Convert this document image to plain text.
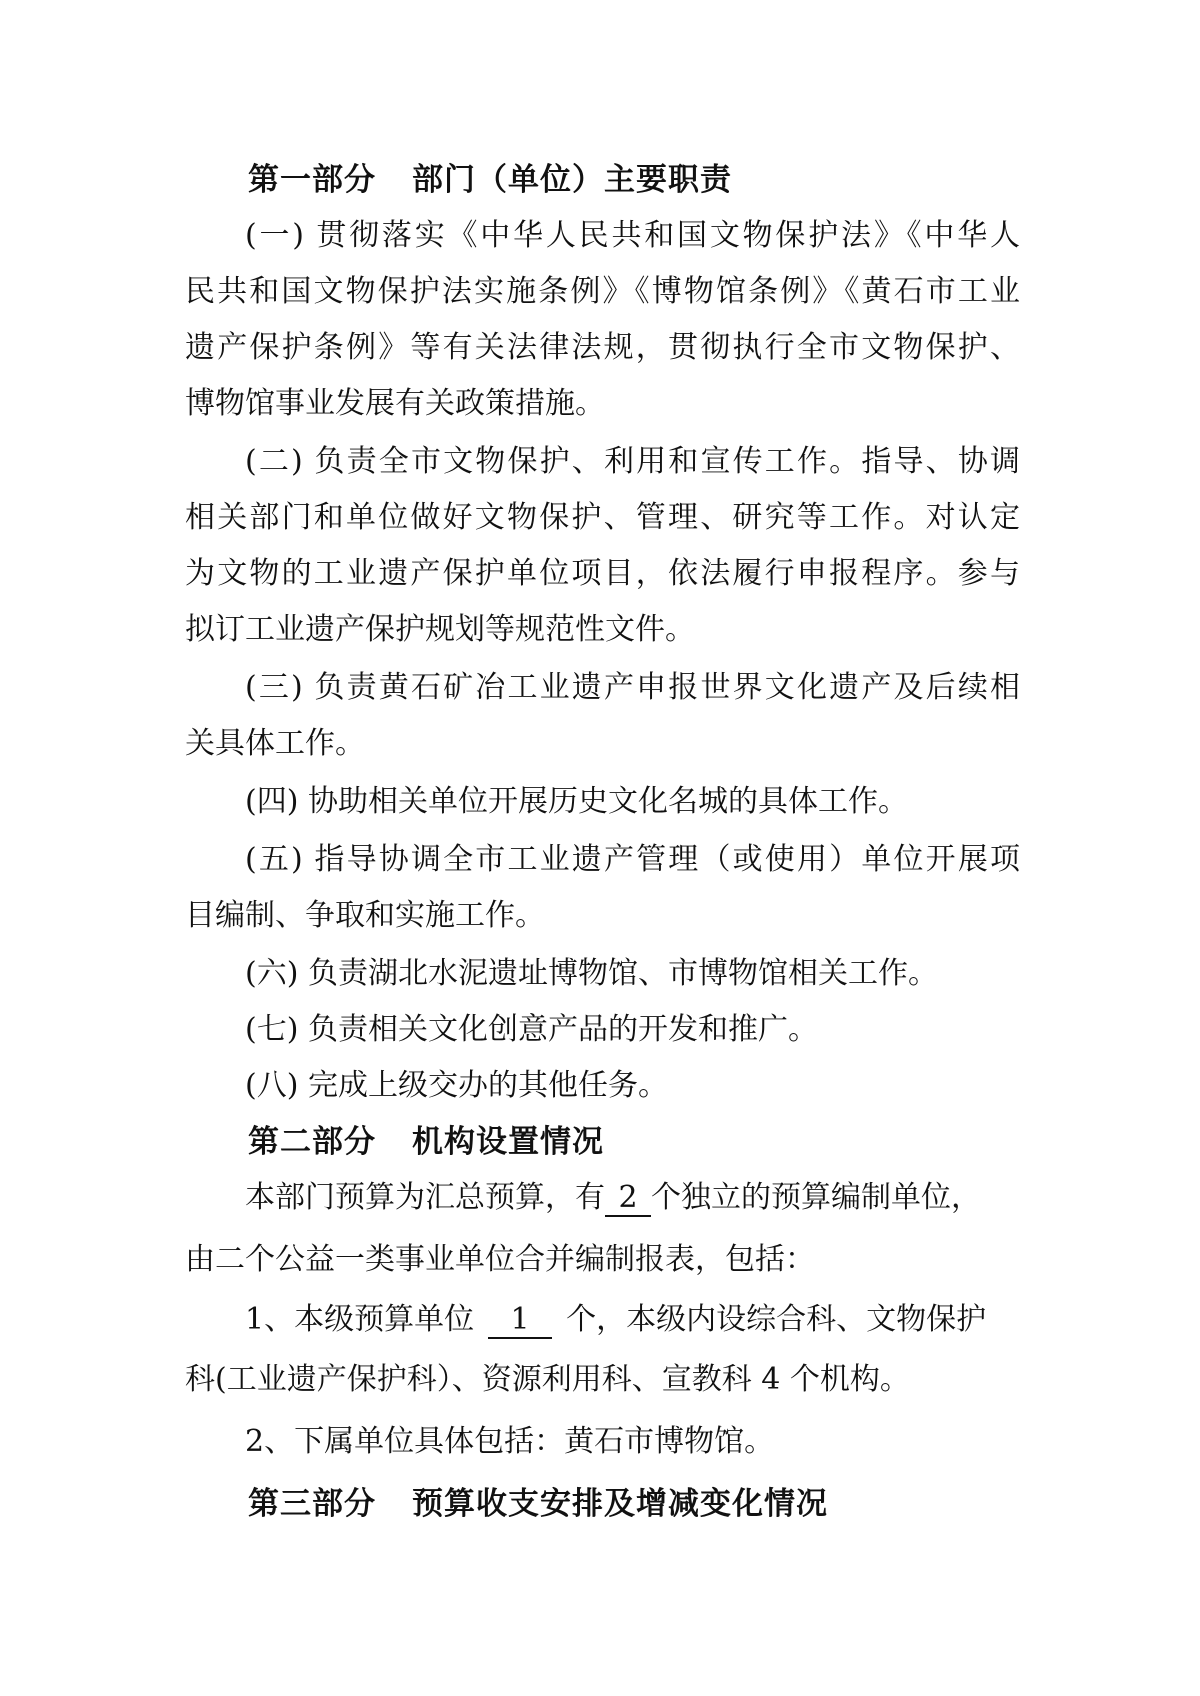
第一部分 部门（单位）主要职责
(一) 贯彻落实《中华人民共和国文物保护法》《中华人
民共和国文物保护法实施条例》《博物馆条例》《黄石市工业
遗产保护条例》等有关法律法规，贯彻执行全市文物保护、
博物馆事业发展有关政策措施。
(二) 负责全市文物保护、利用和宣传工作。指导、协调
相关部门和单位做好文物保护、管理、研究等工作。对认定
为文物的工业遗产保护单位项目，依法履行申报程序。参与
拟订工业遗产保护规划等规范性文件。
(三) 负责黄石矿冶工业遗产申报世界文化遗产及后续相
关具体工作。
(四) 协助相关单位开展历史文化名城的具体工作。
(五) 指导协调全市工业遗产管理（或使用）单位开展项
目编制、争取和实施工作。
(六) 负责湖北水泥遗址博物馆、市博物馆相关工作。
(七) 负责相关文化创意产品的开发和推广。
(八) 完成上级交办的其他任务。
第二部分 机构设置情况
本部门预算为汇总预算，有 2 个独立的预算编制单位，
由二个公益一类事业单位合并编制报表，包括：
1、本级预算单位 1 个，本级内设综合科、文物保护
科(工业遗产保护科）、资源利用科、宣教科 4 个机构。
2、下属单位具体包括：黄石市博物馆。
第三部分 预算收支安排及增减变化情况
